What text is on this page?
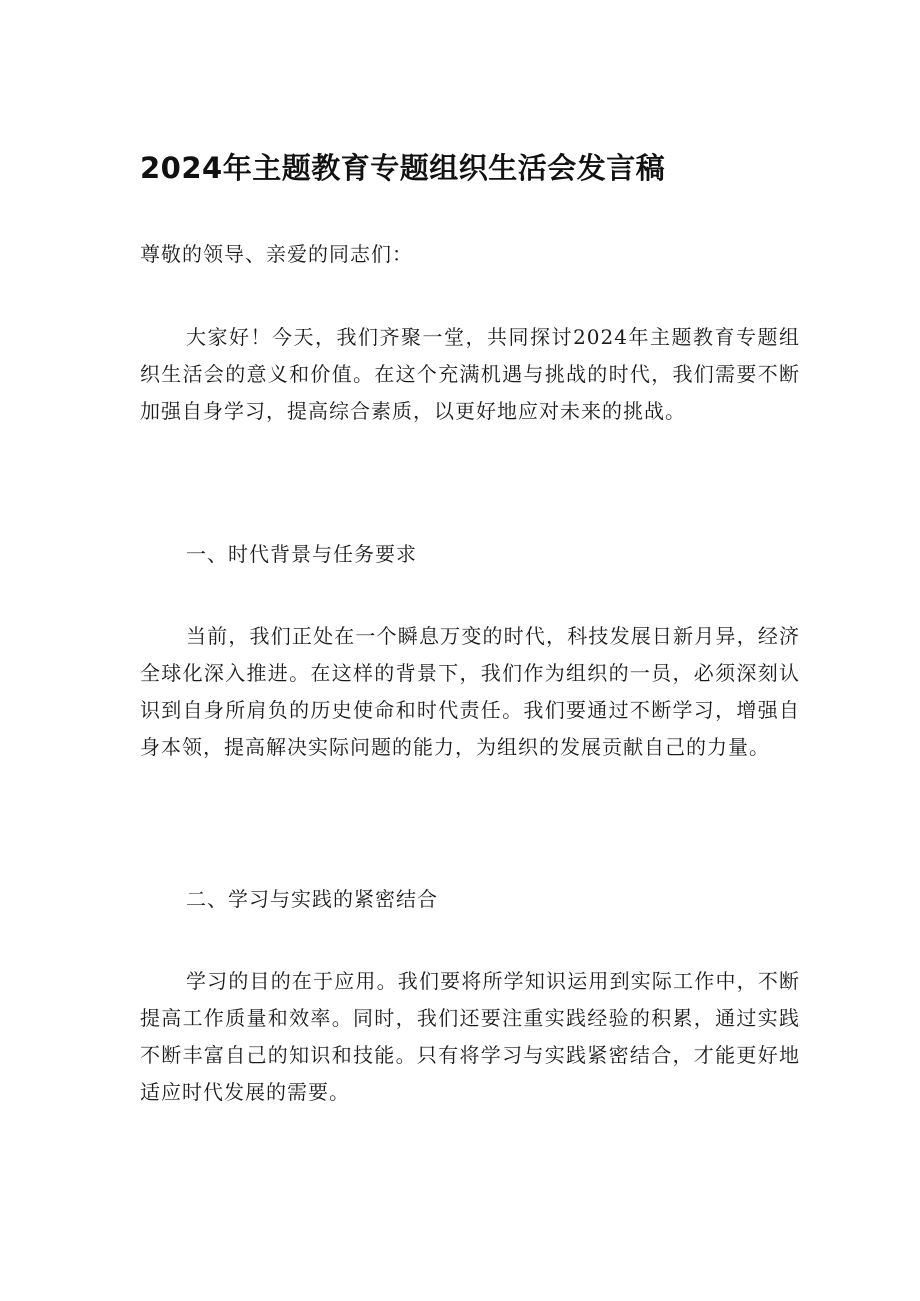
2024年主题教育专题组织生活会发言稿

尊敬的领导、亲爱的同志们：

大家好！今天，我们齐聚一堂，共同探讨2024年主题教育专题组织生活会的意义和价值。在这个充满机遇与挑战的时代，我们需要不断加强自身学习，提高综合素质，以更好地应对未来的挑战。

一、时代背景与任务要求

当前，我们正处在一个瞬息万变的时代，科技发展日新月异，经济全球化深入推进。在这样的背景下，我们作为组织的一员，必须深刻认识到自身所肩负的历史使命和时代责任。我们要通过不断学习，增强自身本领，提高解决实际问题的能力，为组织的发展贡献自己的力量。

二、学习与实践的紧密结合

学习的目的在于应用。我们要将所学知识运用到实际工作中，不断提高工作质量和效率。同时，我们还要注重实践经验的积累，通过实践不断丰富自己的知识和技能。只有将学习与实践紧密结合，才能更好地适应时代发展的需要。
